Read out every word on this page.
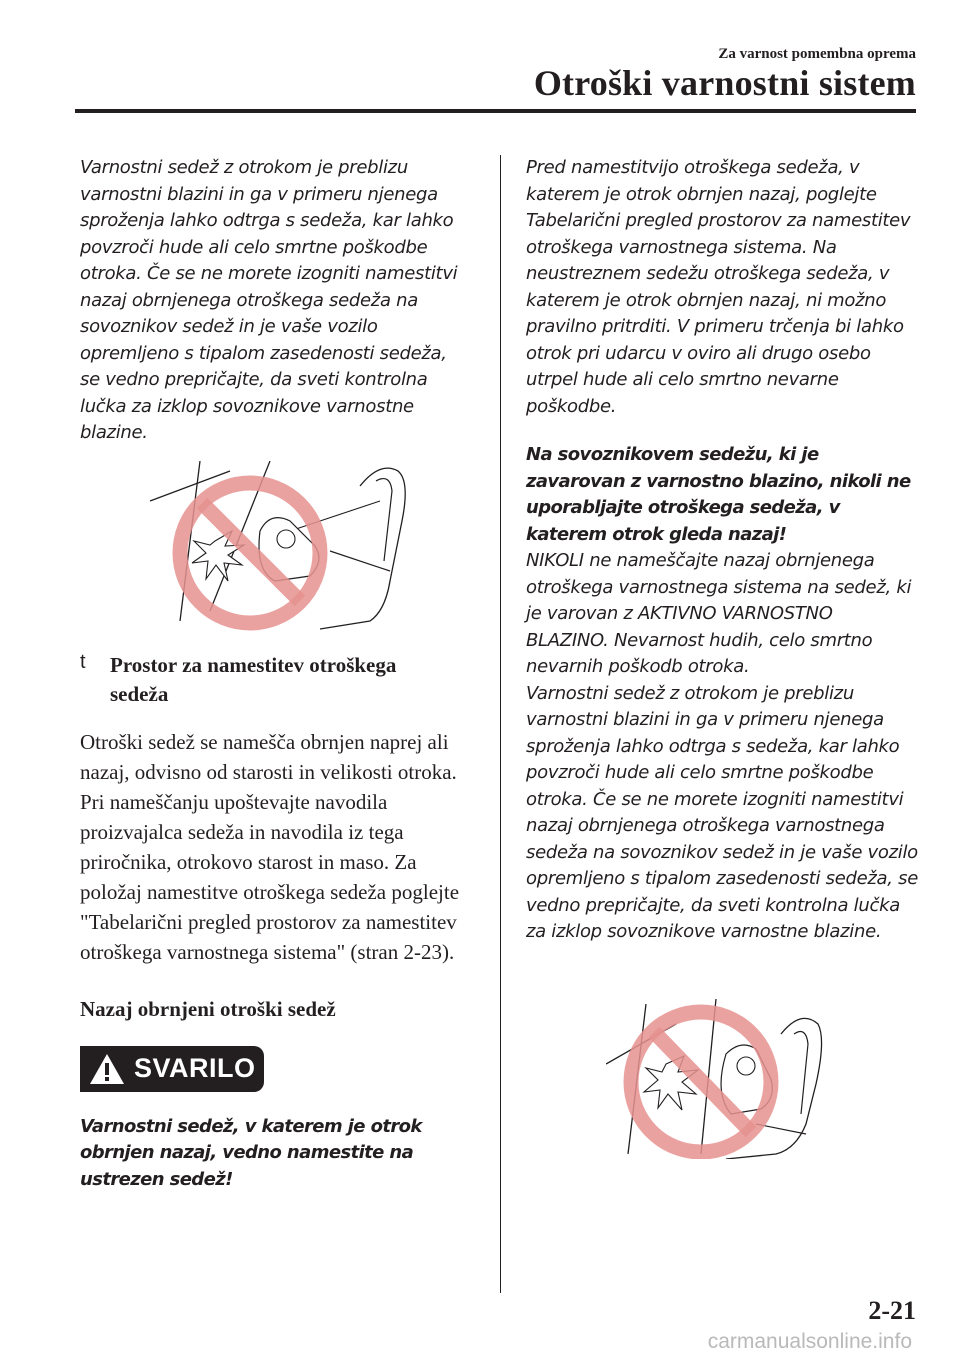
Za varnost pomembna oprema
Otroški varnostni sistem

Varnostni sedež z otrokom je preblizu varnostni blazini in ga v primeru njenega sproženja lahko odtrga s sedeža, kar lahko povzroči hude ali celo smrtne poškodbe otroka. Če se ne morete izogniti namestitvi nazaj obrnjenega otroškega sedeža na sovoznikov sedež in je vaše vozilo opremljeno s tipalom zasedenosti sedeža, se vedno prepričajte, da sveti kontrolna lučka za izklop sovoznikove varnostne blazine.

t Prostor za namestitev otroškega sedeža

Otroški sedež se namešča obrnjen naprej ali nazaj, odvisno od starosti in velikosti otroka. Pri nameščanju upoštevajte navodila proizvajalca sedeža in navodila iz tega priročnika, otrokovo starost in maso. Za položaj namestitve otroškega sedeža poglejte "Tabelarični pregled prostorov za namestitev otroškega varnostnega sistema" (stran 2-23).

Nazaj obrnjeni otroški sedež

SVARILO

Varnostni sedež, v katerem je otrok obrnjen nazaj, vedno namestite na ustrezen sedež!

Pred namestitvijo otroškega sedeža, v katerem je otrok obrnjen nazaj, poglejte Tabelarični pregled prostorov za namestitev otroškega varnostnega sistema. Na neustreznem sedežu otroškega sedeža, v katerem je otrok obrnjen nazaj, ni možno pravilno pritrditi. V primeru trčenja bi lahko otrok pri udarcu v oviro ali drugo osebo utrpel hude ali celo smrtno nevarne poškodbe.

Na sovoznikovem sedežu, ki je zavarovan z varnostno blazino, nikoli ne uporabljajte otroškega sedeža, v katerem otrok gleda nazaj!

NIKOLI ne nameščajte nazaj obrnjenega otroškega varnostnega sistema na sedež, ki je varovan z AKTIVNO VARNOSTNO BLAZINO. Nevarnost hudih, celo smrtno nevarnih poškodb otroka.

Varnostni sedež z otrokom je preblizu varnostni blazini in ga v primeru njenega sproženja lahko odtrga s sedeža, kar lahko povzroči hude ali celo smrtne poškodbe otroka. Če se ne morete izogniti namestitvi nazaj obrnjenega otroškega varnostnega sedeža na sovoznikov sedež in je vaše vozilo opremljeno s tipalom zasedenosti sedeža, se vedno prepričajte, da sveti kontrolna lučka za izklop sovoznikove varnostne blazine.

2-21
carmanualsonline.info
